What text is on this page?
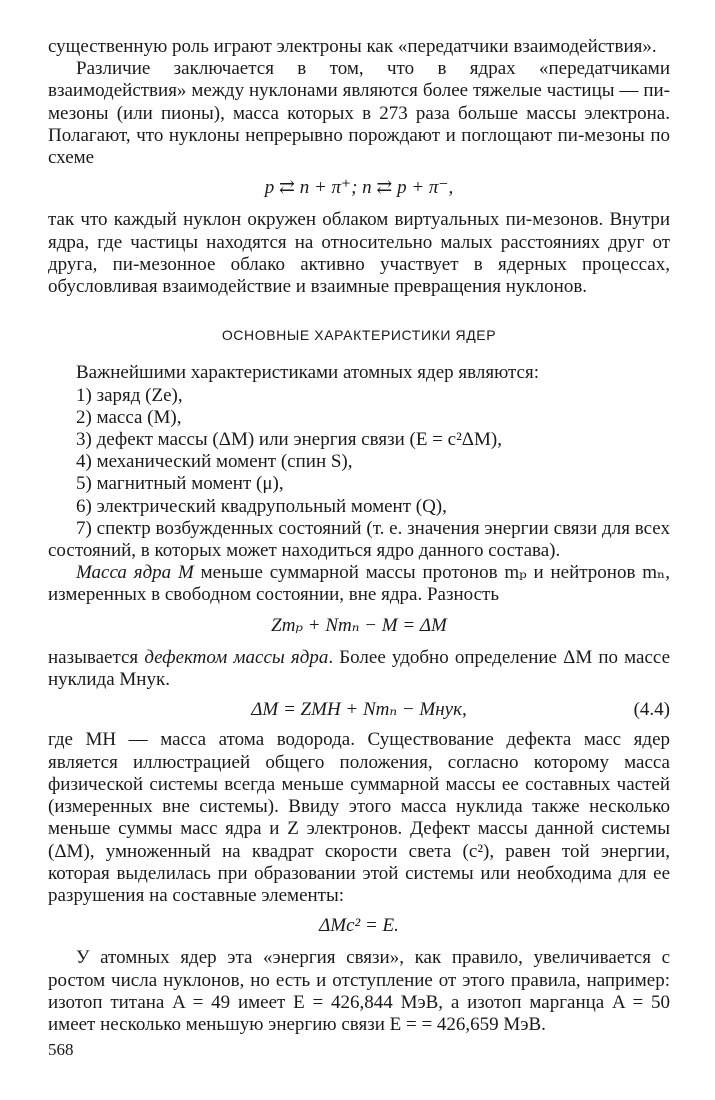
существенную роль играют электроны как «передатчики взаимодействия».

Различие заключается в том, что в ядрах «передатчиками взаимодействия» между нуклонами являются более тяжелые частицы — пи-мезоны (или пионы), масса которых в 273 раза больше массы электрона. Полагают, что нуклоны непрерывно порождают и поглощают пи-мезоны по схеме

p ⇄ n + π⁺; n ⇄ p + π⁻,

так что каждый нуклон окружен облаком виртуальных пи-мезонов. Внутри ядра, где частицы находятся на относительно малых расстояниях друг от друга, пи-мезонное облако активно участвует в ядерных процессах, обусловливая взаимодействие и взаимные превращения нуклонов.

ОСНОВНЫЕ ХАРАКТЕРИСТИКИ ЯДЕР

Важнейшими характеристиками атомных ядер являются:

1) заряд (Ze),

2) масса (M),

3) дефект массы (ΔM) или энергия связи (E = c²ΔM),

4) механический момент (спин S),

5) магнитный момент (μ),

6) электрический квадрупольный момент (Q),

7) спектр возбужденных состояний (т. е. значения энергии связи для всех состояний, в которых может находиться ядро данного состава).

Масса ядра M меньше суммарной массы протонов mₚ и нейтронов mₙ, измеренных в свободном состоянии, вне ядра. Разность

Zmₚ + Nmₙ − M = ΔM

называется дефектом массы ядра. Более удобно определение ΔM по массе нуклида Mнук.

ΔM = ZMH + Nmₙ − Mнук,	(4.4)

где MH — масса атома водорода. Существование дефекта масс ядер является иллюстрацией общего положения, согласно которому масса физической системы всегда меньше суммарной массы ее составных частей (измеренных вне системы). Ввиду этого масса нуклида также несколько меньше суммы масс ядра и Z электронов. Дефект массы данной системы (ΔM), умноженный на квадрат скорости света (c²), равен той энергии, которая выделилась при образовании этой системы или необходима для ее разрушения на составные элементы:

ΔMc² = E.

У атомных ядер эта «энергия связи», как правило, увеличивается с ростом числа нуклонов, но есть и отступление от этого правила, например: изотоп титана A = 49 имеет E = 426,844 МэВ, а изотоп марганца A = 50 имеет несколько меньшую энергию связи E = = 426,659 МэВ.

568
